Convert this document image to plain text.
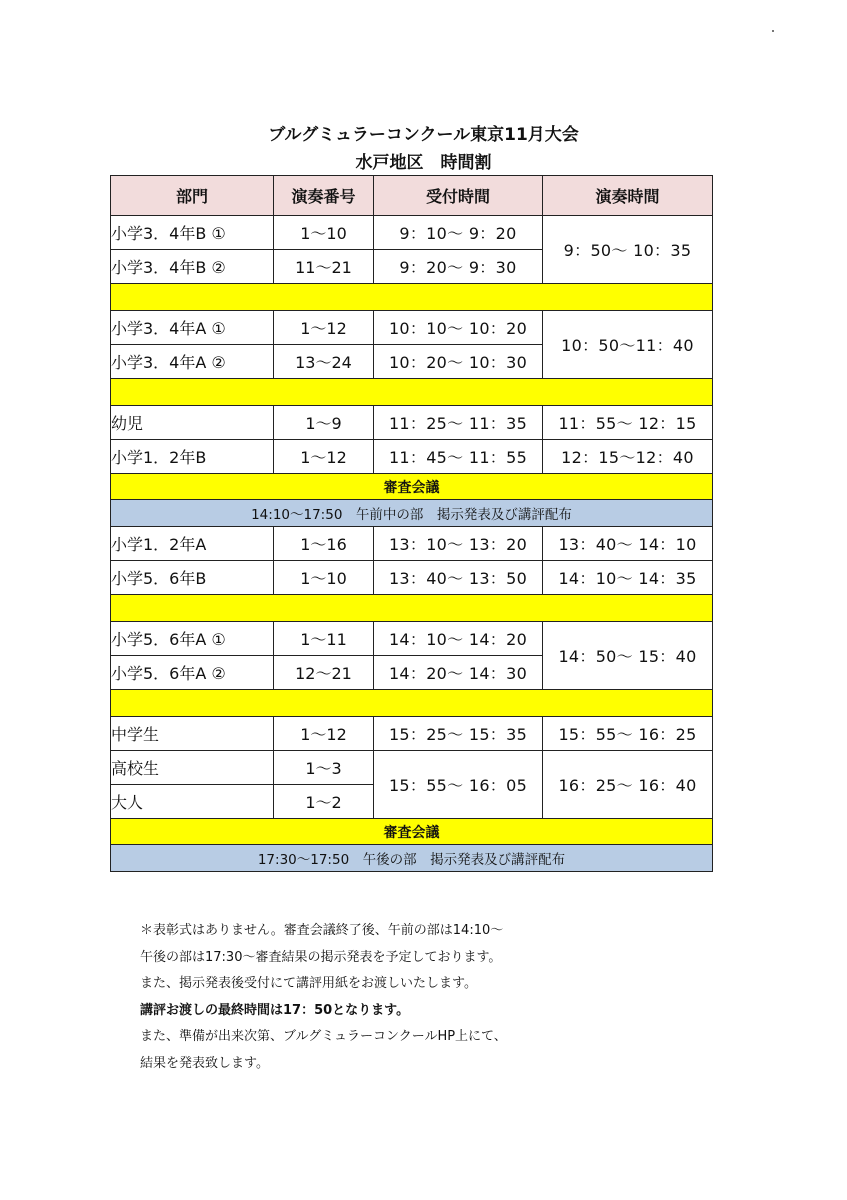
ブルグミュラーコンクール東京11月大会
水戸地区　時間割
部門	演奏番号	受付時間	演奏時間
小学3．4年B ①	1～10	9：10～ 9：20	9：50～ 10：35
小学3．4年B ②	11～21	9：20～ 9：30	

小学3．4年A ①	1～12	10：10～ 10：20	10：50～11：40
小学3．4年A ②	13～24	10：20～ 10：30	

幼児	1～9	11：25～ 11：35	11：55～ 12：15
小学1．2年B	1～12	11：45～ 11：55	12：15～12：40
審査会議			
14:10～17:50　午前中の部　掲示発表及び講評配布			
小学1．2年A	1～16	13：10～ 13：20	13：40～ 14：10
小学5．6年B	1～10	13：40～ 13：50	14：10～ 14：35

小学5．6年A ①	1～11	14：10～ 14：20	14：50～ 15：40
小学5．6年A ②	12～21	14：20～ 14：30	

中学生	1～12	15：25～ 15：35	15：55～ 16：25
高校生	1～3	15：55～ 16：05	16：25～ 16：40
大人	1～2		
審査会議			
17:30～17:50　午後の部　掲示発表及び講評配布			
＊表彰式はありません。審査会議終了後、午前の部は14:10～
午後の部は17:30～審査結果の掲示発表を予定しております。
また、掲示発表後受付にて講評用紙をお渡しいたします。
講評お渡しの最終時間は17：50となります。
また、準備が出来次第、ブルグミュラーコンクールHP上にて、
結果を発表致します。
